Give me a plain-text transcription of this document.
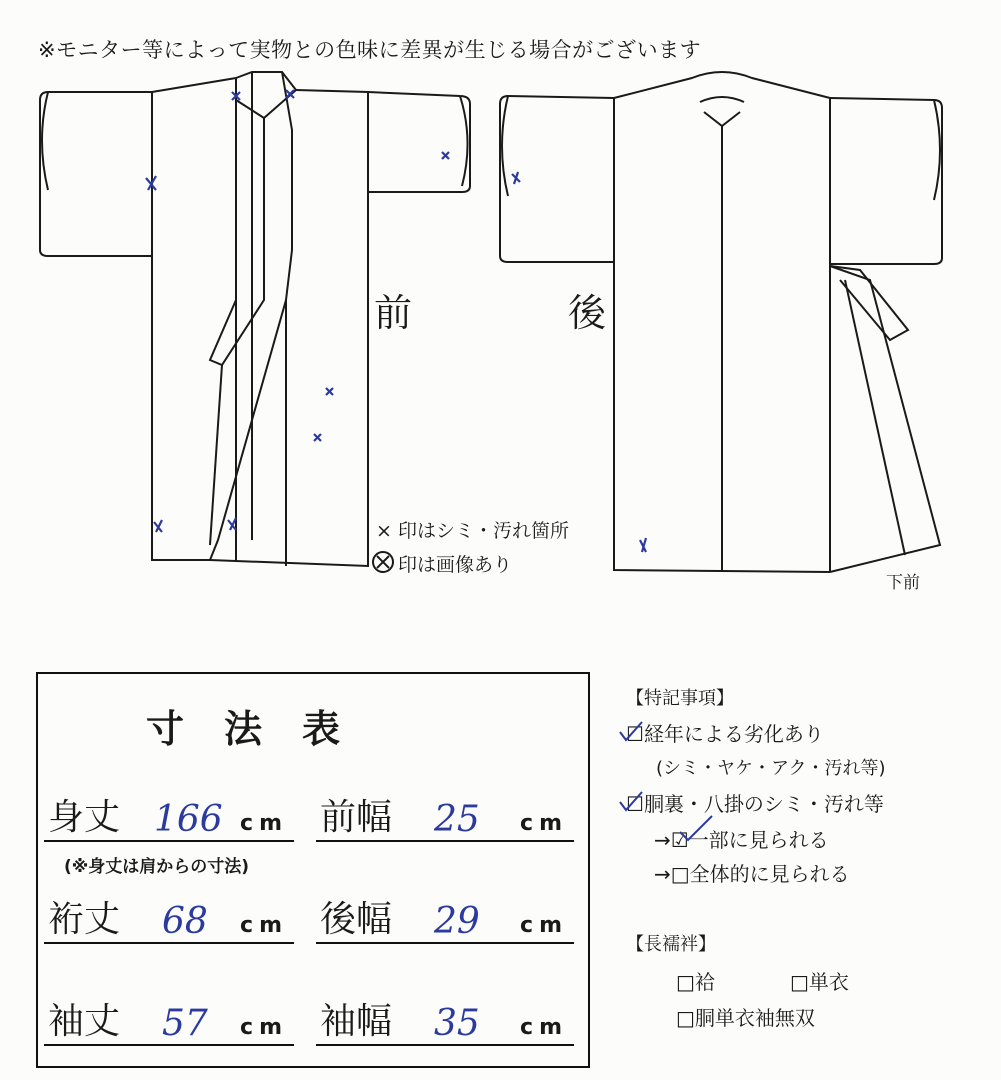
※モニター等によって実物との色味に差異が生じる場合がございます
前	後
× 印はシミ・汚れ箇所
印は画像あり
下前
寸法表
身丈 166 cm 前幅 25 cm
(※身丈は肩からの寸法)
裄丈 68 cm 後幅 29 cm
袖丈 57 cm 袖幅 35 cm
【特記事項】
☐経年による劣化あり
(シミ・ヤケ・アク・汚れ等)
☐胴裏・八掛のシミ・汚れ等
→☑一部に見られる
→□全体的に見られる
【長襦袢】
□袷	□単衣
□胴単衣袖無双
